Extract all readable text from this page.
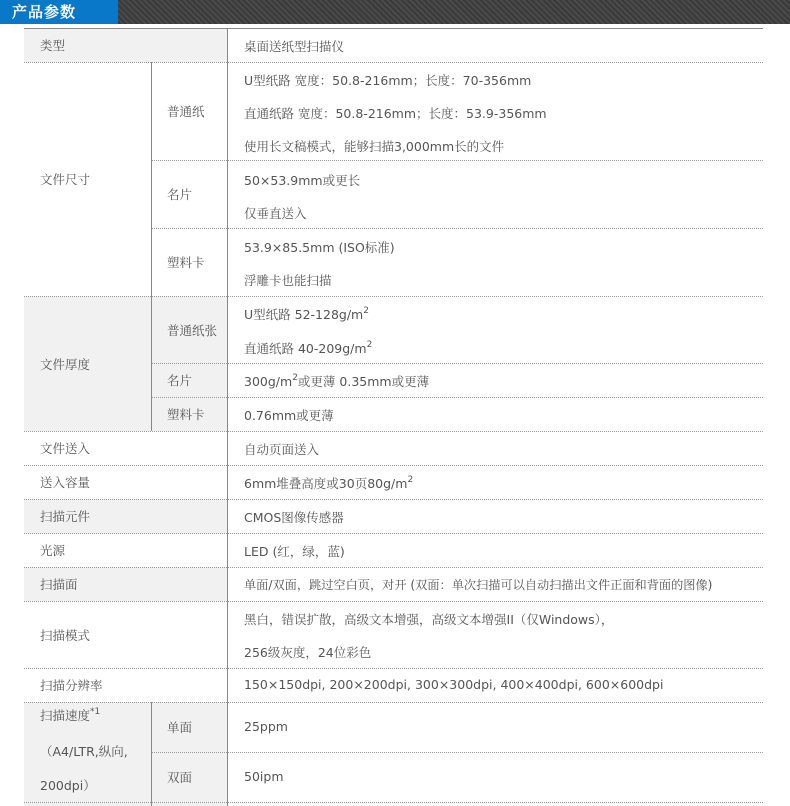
产品参数
类型
文件尺寸
普通纸
名片
塑料卡
文件厚度
普通纸张
名片
塑料卡
文件送入
送入容量
扫描元件
光源
扫描面
扫描模式
扫描分辨率
扫描速度$^{*1}$
（A4/LTR,纵向,
200dpi）
单面
双面
桌面送纸型扫描仪
U型纸路 宽度：50.8-216mm；长度：70-356mm
直通纸路 宽度：50.8-216mm；长度：53.9-356mm
使用长文稿模式，能够扫描3,000mm长的文件
50×53.9mm或更长
仅垂直送入
53.9×85.5mm (ISO标准)
浮雕卡也能扫描
U型纸路 $52-128g/m^2$
直通纸路 $40-209g/m^2$
$300g/m^2$或更薄 0.35mm或更薄
0.76mm或更薄
自动页面送入
6mm堆叠高度或30页$80g/m^2$
CMOS图像传感器
LED (红，绿，蓝)
单面/双面，跳过空白页，对开 (双面：单次扫描可以自动扫描出文件正面和背面的图像)
黑白，错误扩散，高级文本增强，高级文本增强II（仅Windows），
256级灰度，24位彩色
150×150dpi, 200×200dpi, 300×300dpi, 400×400dpi, 600×600dpi
25ppm
50ipm
